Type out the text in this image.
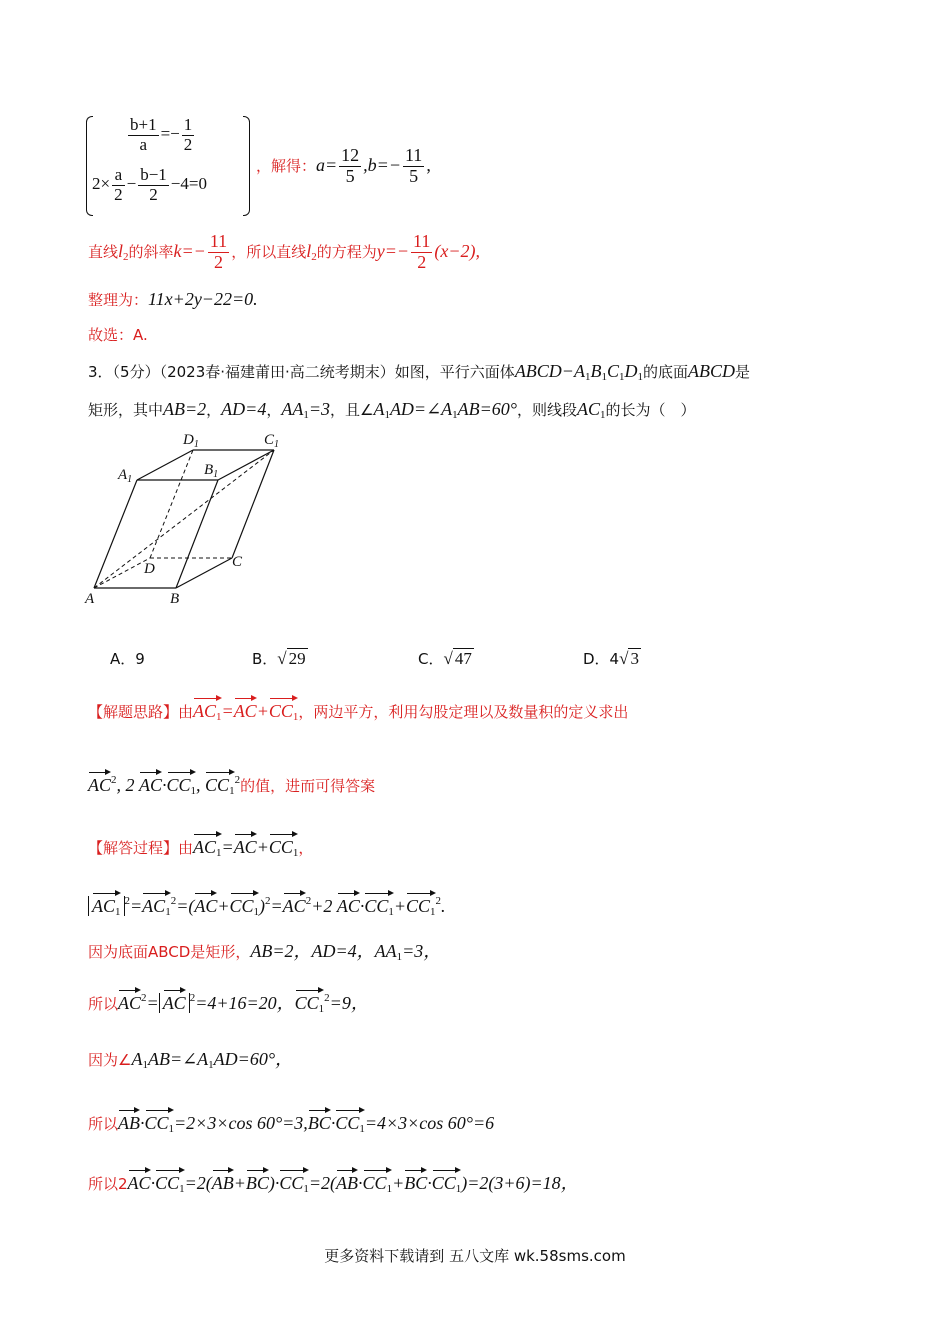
$\frac{b+1}{a} =- \frac{1}{2}$
$2\times \frac{a}{2} - \frac{b-1}{2} -4=0$
，解得：$a= \frac{12}{5} ,b=- \frac{11}{5}$ ,
直线$l_2$的斜率$k=- \frac{11}{2}$ ，所以直线$l_2$的方程为$y=- \frac{11}{2} (x-2)$,
整理为：11x+2y−22=0.
故选：A.
3．（5分）（2023春·福建莆田·高二统考期末）如图，平行六面体$ABCD-A_1B_1C_1D_1$的底面ABCD是
矩形，其中AB=2，AD=4，$AA_1=3$，且$\angle A_1AD=\angle A_1AB=60^\circ$，则线段$AC_1$的长为（　）
$D_1$	$C_1$
$A_1$
$B_1$
D	C
A	B
A．9	B．√ 29	C．√ 47	D．4√ 3
【解题思路】由$AC_1=AC+CC_1$，两边平方，利用勾股定理以及数量积的定义求出
$AC^2$, 2 $AC\cdot CC_1$, $CC_1^2$的值，进而可得答案
【解答过程】由$AC_1=AC+CC_1$，
$AC_1^2=AC_1^2=(AC+CC_1)^2=AC^2+2$ $AC\cdot CC_1+CC_1^2$.
因为底面ABCD是矩形，AB=2，AD=4，$AA_1=3$，
所以$AC^2=$ AC $^2$=4+16=20，$CC_1^2=9$，
因为$\angle A_1AB=\angle A_1AD=60^\circ$，
所以$AB\cdot CC_1=2\times 3\times\cos$ $60^\circ=3,BC\cdot CC_1=4\times 3\times\cos$ 60°=6
所以$2AC\cdot CC_1=2(AB+BC)\cdot CC_1=2(AB\cdot CC_1+BC\cdot CC_1)=2(3+6)=18$，
更多资料下载请到 五八文库 wk.58sms.com
